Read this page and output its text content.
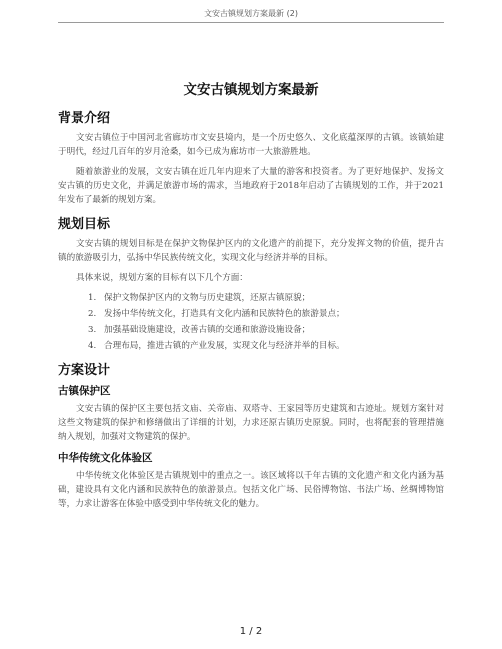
文安古镇规划方案最新 (2)
文安古镇规划方案最新
背景介绍

文安古镇位于中国河北省廊坊市文安县境内，是一个历史悠久、文化底蕴深厚的古镇。该镇始建于明代，经过几百年的岁月沧桑，如今已成为廊坊市一大旅游胜地。

随着旅游业的发展，文安古镇在近几年内迎来了大量的游客和投资者。为了更好地保护、发扬文安古镇的历史文化，并满足旅游市场的需求，当地政府于2018年启动了古镇规划的工作，并于2021年发布了最新的规划方案。

规划目标

文安古镇的规划目标是在保护文物保护区内的文化遗产的前提下，充分发挥文物的价值，提升古镇的旅游吸引力，弘扬中华民族传统文化，实现文化与经济并举的目标。

具体来说，规划方案的目标有以下几个方面：

1. 保护文物保护区内的文物与历史建筑，还原古镇原貌；
2. 发扬中华传统文化，打造具有文化内涵和民族特色的旅游景点；
3. 加强基础设施建设，改善古镇的交通和旅游设施设备；
4. 合理布局，推进古镇的产业发展，实现文化与经济并举的目标。
方案设计
古镇保护区

文安古镇的保护区主要包括文庙、关帝庙、双塔寺、王家园等历史建筑和古迹址。规划方案针对这些文物建筑的保护和修缮做出了详细的计划，力求还原古镇历史原貌。同时，也将配套的管理措施纳入规划，加强对文物建筑的保护。

中华传统文化体验区

中华传统文化体验区是古镇规划中的重点之一。该区域将以千年古镇的文化遗产和文化内涵为基础，建设具有文化内涵和民族特色的旅游景点。包括文化广场、民俗博物馆、书法广场、丝绸博物馆等，力求让游客在体验中感受到中华传统文化的魅力。

1 / 2
